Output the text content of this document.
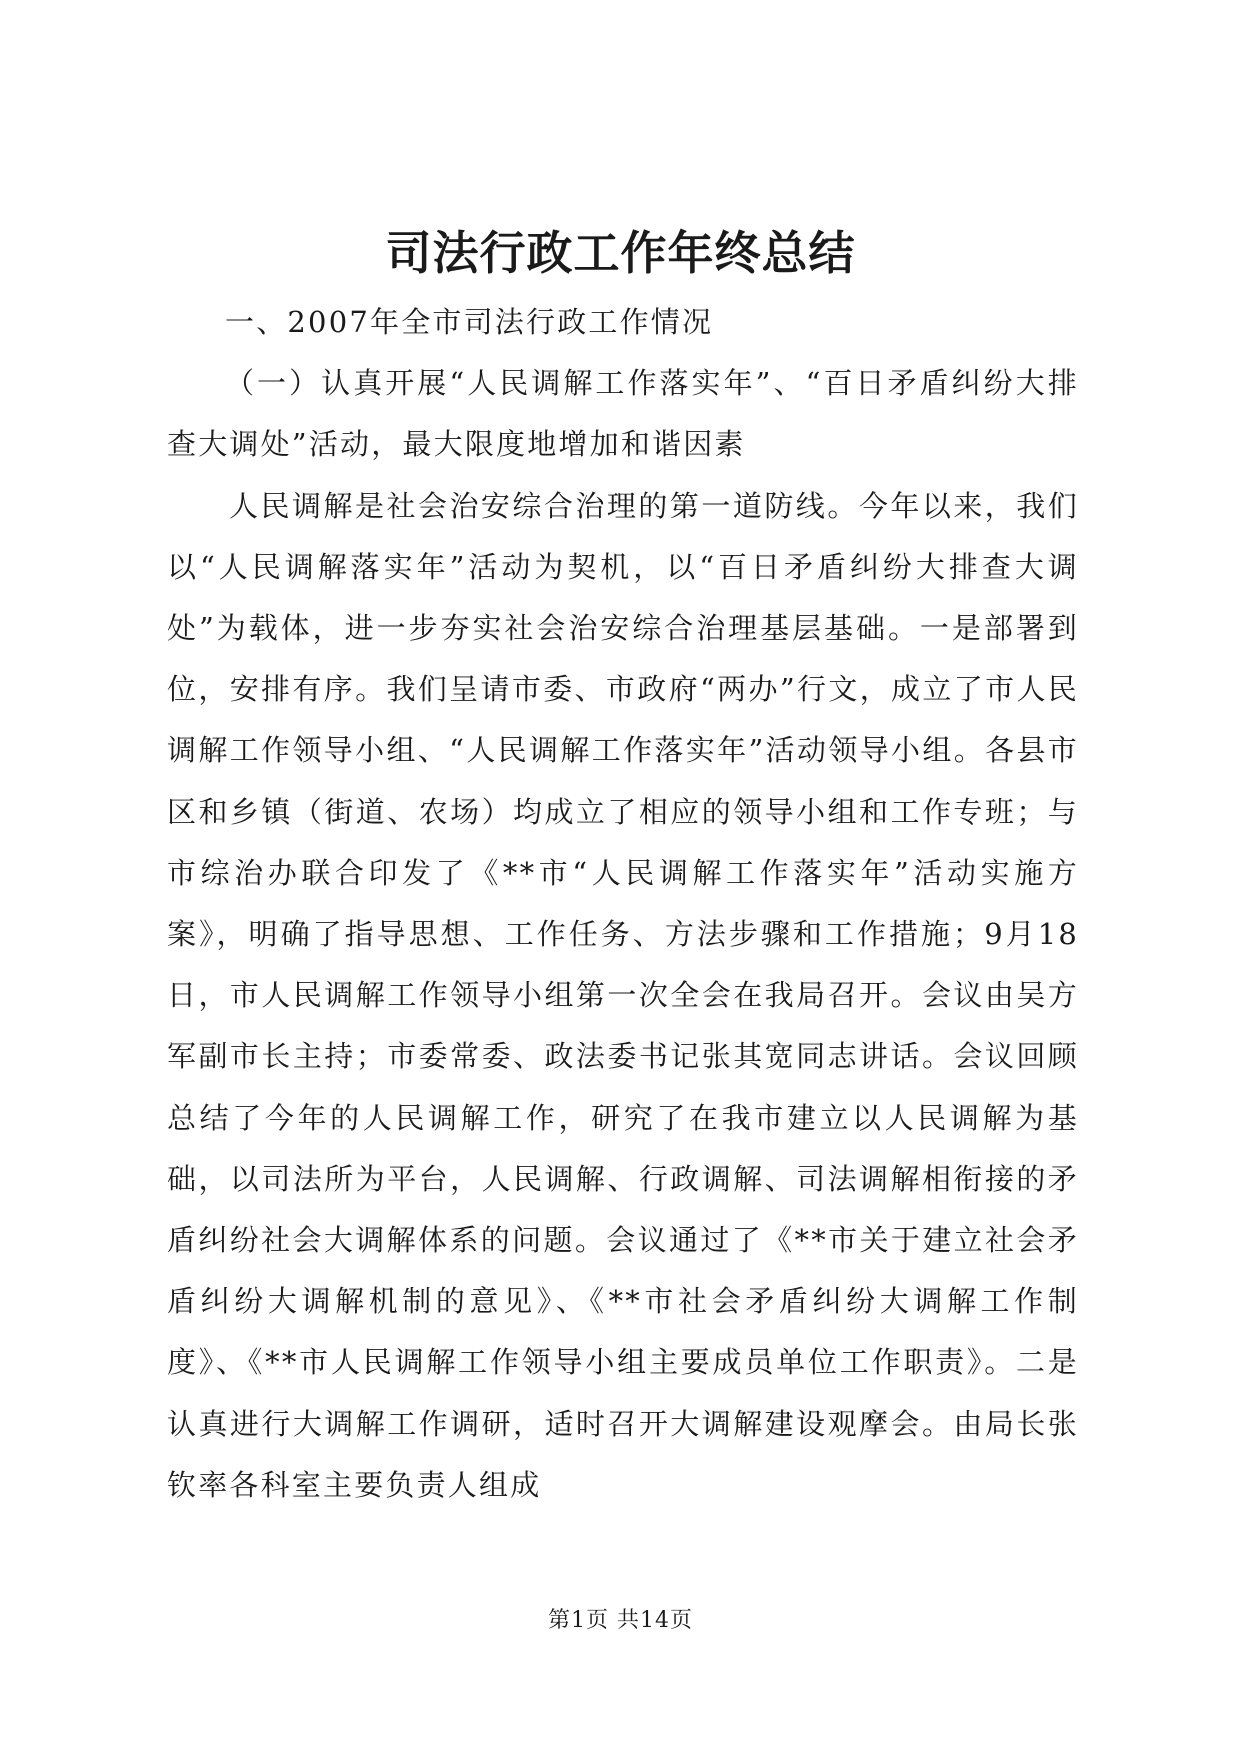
司法行政工作年终总结

一、2007年全市司法行政工作情况

（一）认真开展“人民调解工作落实年”、“百日矛盾纠纷大排查大调处”活动，最大限度地增加和谐因素

人民调解是社会治安综合治理的第一道防线。今年以来，我们以“人民调解落实年”活动为契机，以“百日矛盾纠纷大排查大调处”为载体，进一步夯实社会治安综合治理基层基础。一是部署到位，安排有序。我们呈请市委、市政府“两办”行文，成立了市人民调解工作领导小组、“人民调解工作落实年”活动领导小组。各县市区和乡镇（街道、农场）均成立了相应的领导小组和工作专班；与市综治办联合印发了《**市“人民调解工作落实年”活动实施方案》，明确了指导思想、工作任务、方法步骤和工作措施；9月18日，市人民调解工作领导小组第一次全会在我局召开。会议由吴方军副市长主持；市委常委、政法委书记张其宽同志讲话。会议回顾总结了今年的人民调解工作，研究了在我市建立以人民调解为基础，以司法所为平台，人民调解、行政调解、司法调解相衔接的矛盾纠纷社会大调解体系的问题。会议通过了《**市关于建立社会矛盾纠纷大调解机制的意见》、《**市社会矛盾纠纷大调解工作制度》、《**市人民调解工作领导小组主要成员单位工作职责》。二是认真进行大调解工作调研，适时召开大调解建设观摩会。由局长张钦率各科室主要负责人组成

第1页 共14页
